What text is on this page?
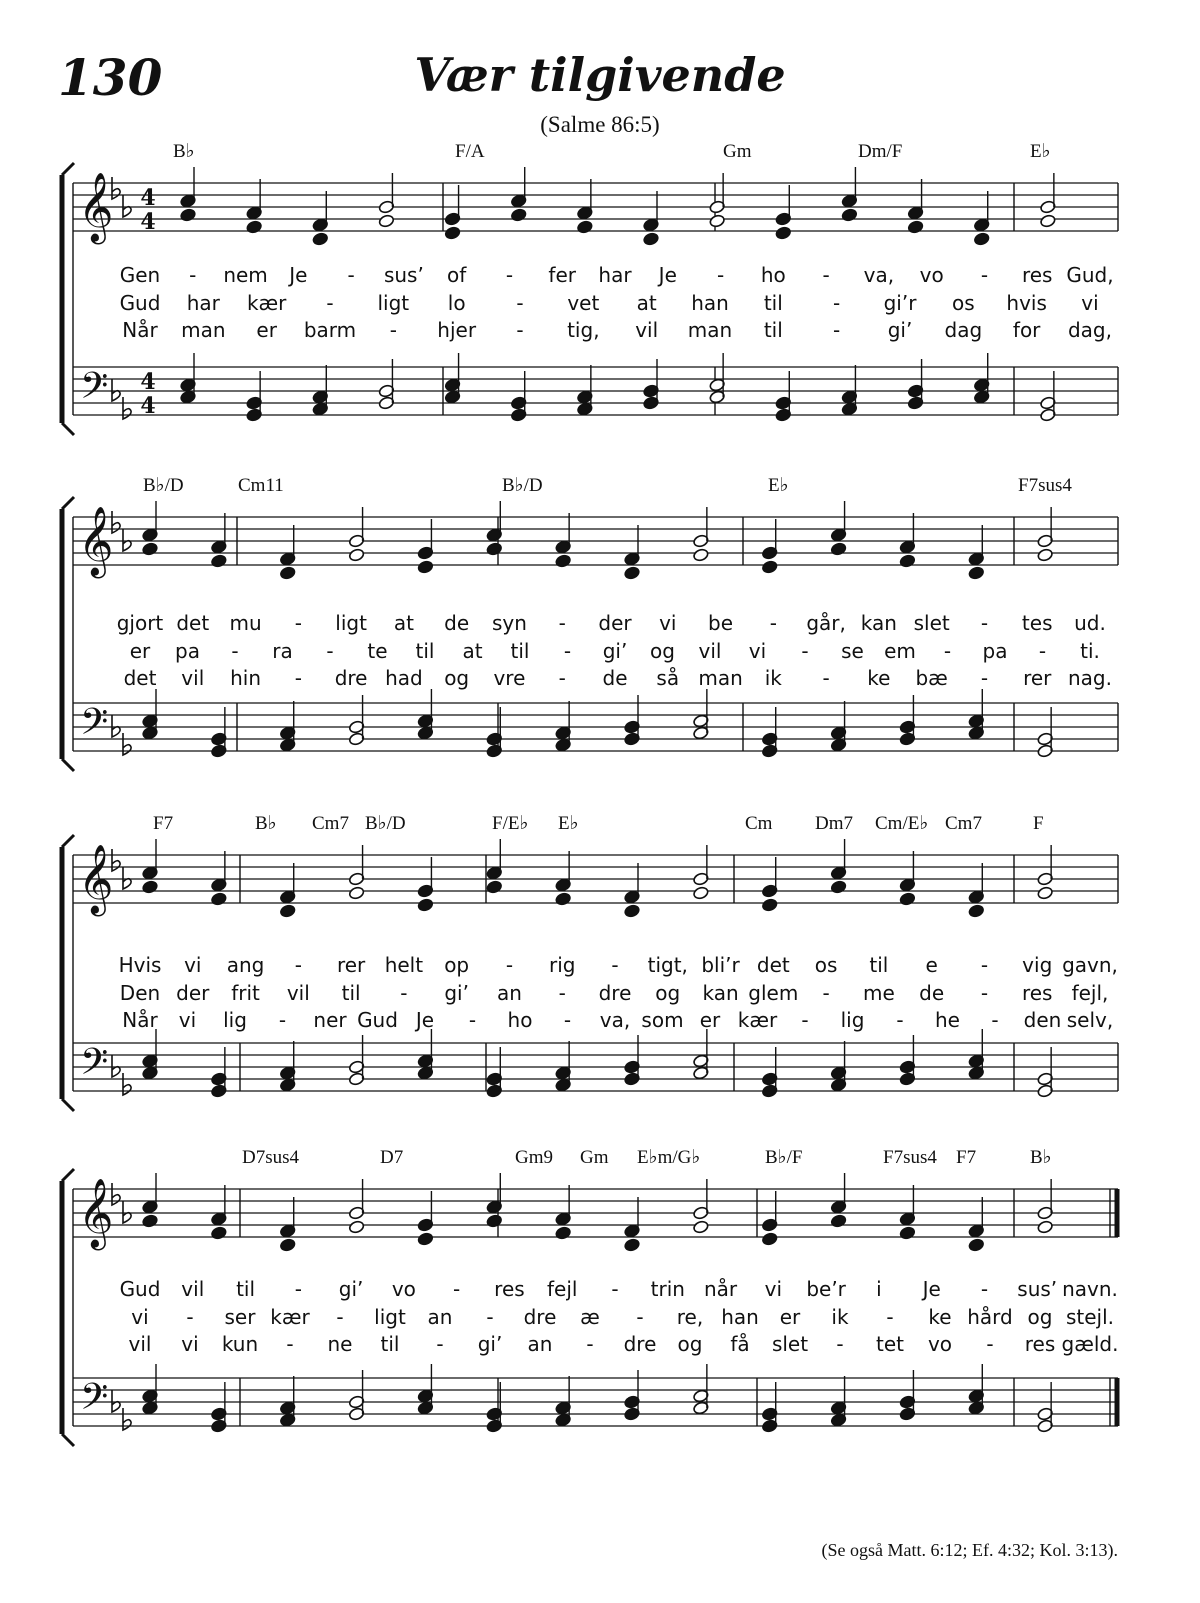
130	Vær tilgivende
(Salme 86:5)
B♭	F/A	Gm	Dm/F	E♭
Gen - nem Je - sus’ of - fer har Je - ho - va, vo - res Gud,
Gud har kær - ligt lo	- vet at han til	- gi’r os hvis vi
Når man er barm - hjer - tig, vil man til	- gi’ dag for dag,
𝄞 4
4
𝄢 4
4
B♭/D	Cm11	B♭/D	E♭	F7sus4
gjort det mu - ligt at de syn - der vi be - går, kan slet - tes ud.
er pa - ra - te til at til - gi’ og vil vi - se em - pa - ti.
det vil hin - dre had og vre - de så man ik - ke bæ - rer nag.
𝄞
𝄢
F7	B♭ Cm7 B♭/D	F/E♭ E♭	Cm Dm7 Cm/E♭ Cm7	F
Hvis vi ang - rer helt op - rig - tigt, bli’r det os til e - vig gavn,
Den der frit vil til - gi’ an - dre og kan glem - me de - res fejl,
Når vi lig - ner Gud Je - ho - va, som er kær - lig - he - den selv,
𝄞
𝄢
D7sus4	D7	Gm9 Gm E♭m/G♭	B♭/F	F7sus4 F7	B♭
Gud vil til - gi’ vo - res fejl - trin når vi be’r i Je - sus’ navn.
vi - ser kær - ligt an - dre æ - re, han er ik - ke hård og stejl.
vil vi kun - ne til - gi’ an - dre og få slet - tet vo - res gæld.
𝄞
𝄢
(Se også Matt. 6:12; Ef. 4:32; Kol. 3:13).
